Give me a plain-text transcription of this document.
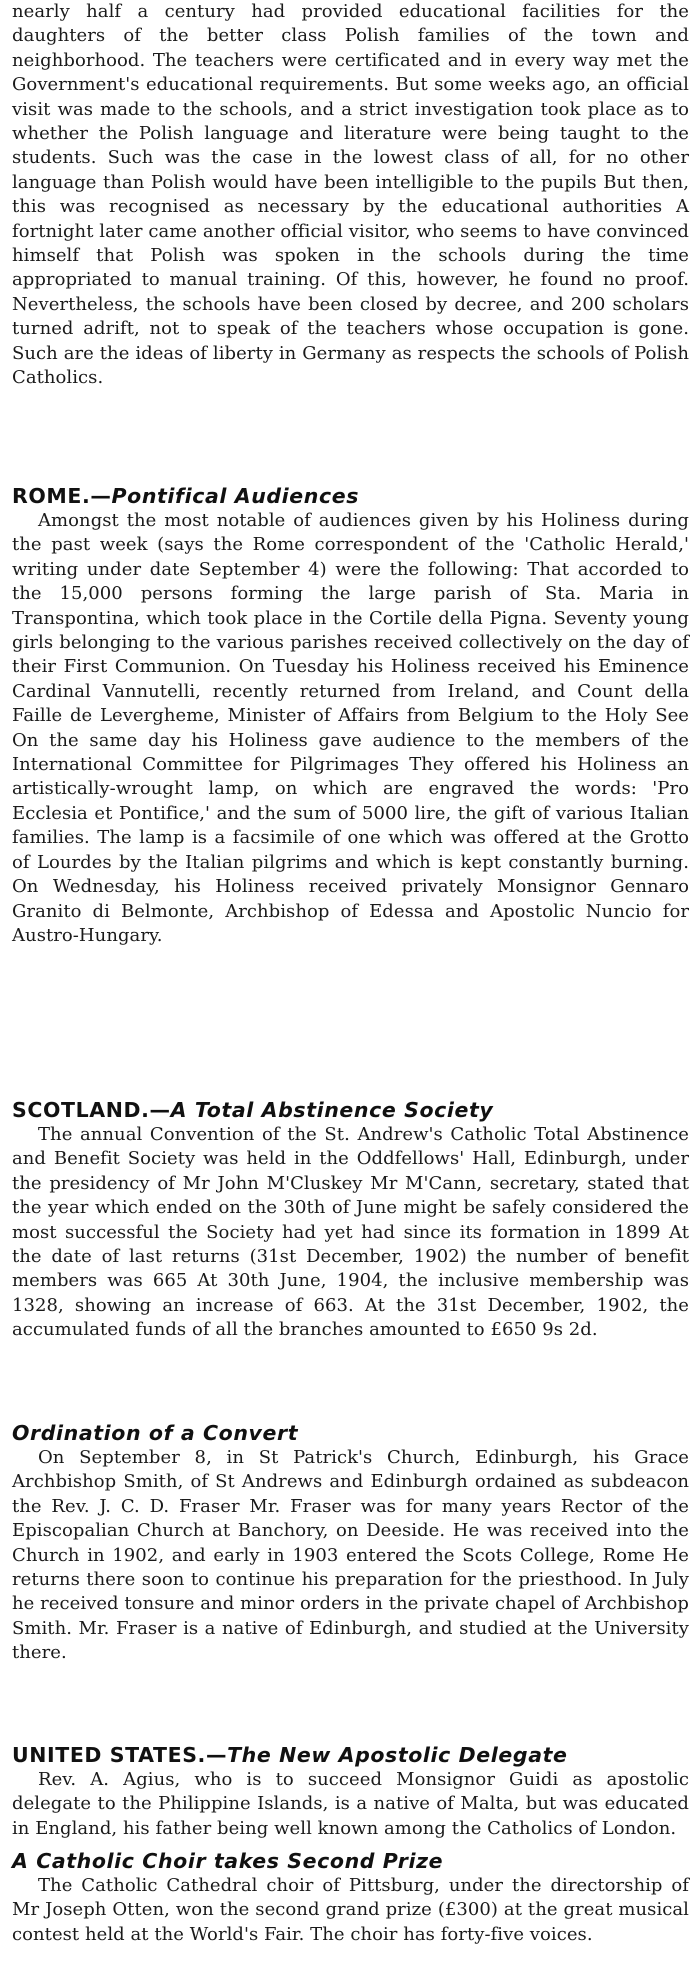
nearly half a century had provided educational facilities for the daughters of the better class Polish families of the town and neighborhood. The teachers were certificated and in every way met the Government's educational requirements. But some weeks ago, an official visit was made to the schools, and a strict investigation took place as to whether the Polish language and literature were being taught to the students. Such was the case in the lowest class of all, for no other language than Polish would have been intelligible to the pupils But then, this was recognised as necessary by the educational authorities A fortnight later came another official visitor, who seems to have convinced himself that Polish was spoken in the schools during the time appropriated to manual training. Of this, however, he found no proof. Nevertheless, the schools have been closed by decree, and 200 scholars turned adrift, not to speak of the teachers whose occupation is gone. Such are the ideas of liberty in Germany as respects the schools of Polish Catholics.

ROME.—Pontifical Audiences

Amongst the most notable of audiences given by his Holiness during the past week (says the Rome correspondent of the 'Catholic Herald,' writing under date September 4) were the following: That accorded to the 15,000 persons forming the large parish of Sta. Maria in Transpontina, which took place in the Cortile della Pigna. Seventy young girls belonging to the various parishes received collectively on the day of their First Communion. On Tuesday his Holiness received his Eminence Cardinal Vannutelli, recently returned from Ireland, and Count della Faille de Levergheme, Minister of Affairs from Belgium to the Holy See On the same day his Holiness gave audience to the members of the International Committee for Pilgrimages They offered his Holiness an artistically-wrought lamp, on which are engraved the words: 'Pro Ecclesia et Pontifice,' and the sum of 5000 lire, the gift of various Italian families. The lamp is a facsimile of one which was offered at the Grotto of Lourdes by the Italian pilgrims and which is kept constantly burning. On Wednesday, his Holiness received privately Monsignor Gennaro Granito di Belmonte, Archbishop of Edessa and Apostolic Nuncio for Austro-Hungary.

SCOTLAND.—A Total Abstinence Society

The annual Convention of the St. Andrew's Catholic Total Abstinence and Benefit Society was held in the Oddfellows' Hall, Edinburgh, under the presidency of Mr John M'Cluskey Mr M'Cann, secretary, stated that the year which ended on the 30th of June might be safely considered the most successful the Society had yet had since its formation in 1899 At the date of last returns (31st December, 1902) the number of benefit members was 665 At 30th June, 1904, the inclusive membership was 1328, showing an increase of 663. At the 31st December, 1902, the accumulated funds of all the branches amounted to £650 9s 2d.

Ordination of a Convert

On September 8, in St Patrick's Church, Edinburgh, his Grace Archbishop Smith, of St Andrews and Edinburgh ordained as subdeacon the Rev. J. C. D. Fraser Mr. Fraser was for many years Rector of the Episcopalian Church at Banchory, on Deeside. He was received into the Church in 1902, and early in 1903 entered the Scots College, Rome He returns there soon to continue his preparation for the priesthood. In July he received tonsure and minor orders in the private chapel of Archbishop Smith. Mr. Fraser is a native of Edinburgh, and studied at the University there.

UNITED STATES.—The New Apostolic Delegate

Rev. A. Agius, who is to succeed Monsignor Guidi as apostolic delegate to the Philippine Islands, is a native of Malta, but was educated in England, his father being well known among the Catholics of London.

A Catholic Choir takes Second Prize

The Catholic Cathedral choir of Pittsburg, under the directorship of Mr Joseph Otten, won the second grand prize (£300) at the great musical contest held at the World's Fair. The choir has forty-five voices.
